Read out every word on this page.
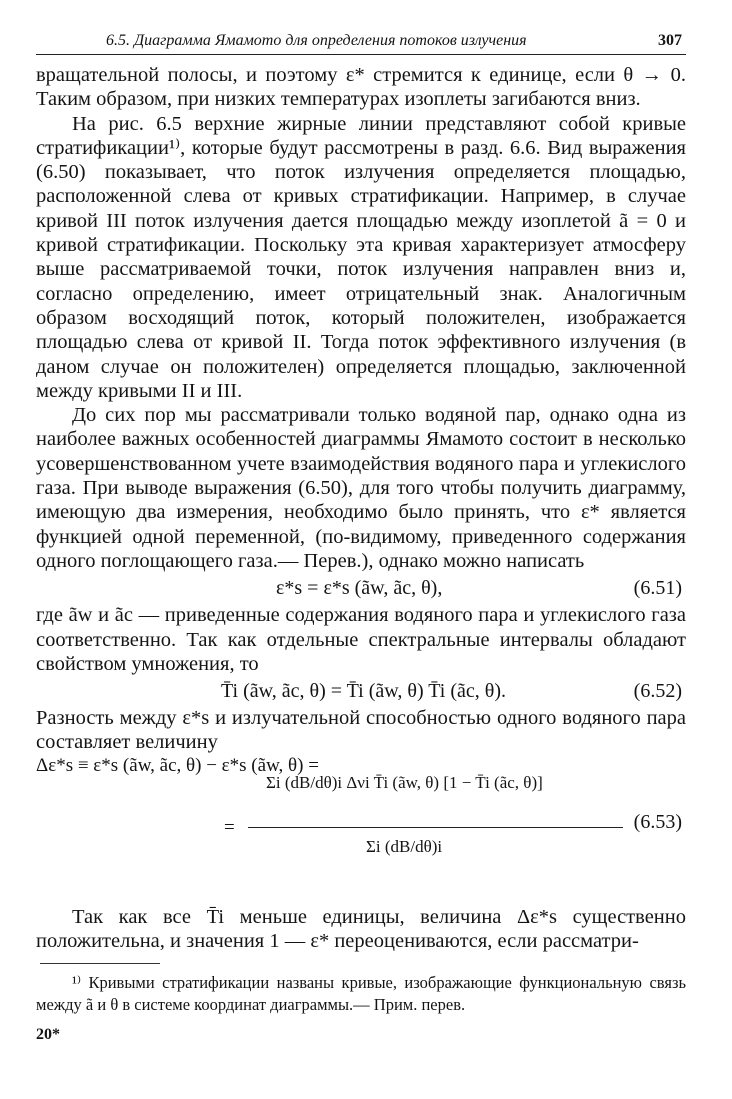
6.5. Диаграмма Ямамото для определения потоков излучения	307

вращательной полосы, и поэтому ε* стремится к единице, если θ → 0. Таким образом, при низких температурах изоплеты загибаются вниз.

На рис. 6.5 верхние жирные линии представляют собой кривые стратификации¹⁾, которые будут рассмотрены в разд. 6.6. Вид выражения (6.50) показывает, что поток излучения определяется площадью, расположенной слева от кривых стратификации. Например, в случае кривой III поток излучения дается площадью между изоплетой ã = 0 и кривой стратификации. Поскольку эта кривая характеризует атмосферу выше рассматриваемой точки, поток излучения направлен вниз и, согласно определению, имеет отрицательный знак. Аналогичным образом восходящий поток, который положителен, изображается площадью слева от кривой II. Тогда поток эффективного излучения (в даном случае он положителен) определяется площадью, заключенной между кривыми II и III.

До сих пор мы рассматривали только водяной пар, однако одна из наиболее важных особенностей диаграммы Ямамото состоит в несколько усовершенствованном учете взаимодействия водяного пара и углекислого газа. При выводе выражения (6.50), для того чтобы получить диаграмму, имеющую два измерения, необходимо было принять, что ε* является функцией одной переменной, (по-видимому, приведенного содержания одного поглощающего газа.— Перев.), однако можно написать

ε*s = ε*s (ãw, ãc, θ),	(6.51)

где ãw и ãc — приведенные содержания водяного пара и углекислого газа соответственно. Так как отдельные спектральные интервалы обладают свойством умножения, то

T̄i (ãw, ãc, θ) = T̄i (ãw, θ) T̄i (ãc, θ).	(6.52)

Разность между ε*s и излучательной способностью одного водяного пара составляет величину

Δε*s ≡ ε*s (ãw, ãc, θ) − ε*s (ãw, θ) =
=
Σi (dB/dθ)i Δνi T̄i (ãw, θ) [1 − T̄i (ãc, θ)]
Σi (dB/dθ)i
(6.53)

Так как все T̄i меньше единицы, величина Δε*s существенно положительна, и значения 1 — ε* переоцениваются, если рассматри-

¹⁾ Кривыми стратификации названы кривые, изображающие функциональную связь между ã и θ в системе координат диаграммы.— Прим. перев.

20*
